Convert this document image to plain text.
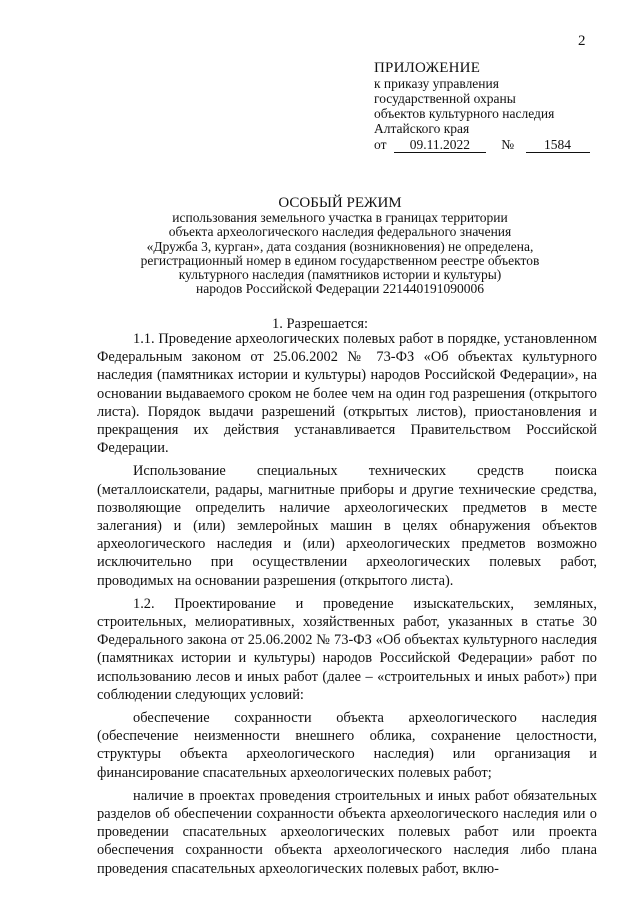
2
ПРИЛОЖЕНИЕ
к приказу управления
государственной охраны
объектов культурного наследия
Алтайского края
от 09.11.2022 № 1584
ОСОБЫЙ РЕЖИМ
использования земельного участка в границах территории
объекта археологического наследия федерального значения
«Дружба 3, курган», дата создания (возникновения) не определена,
регистрационный номер в едином государственном реестре объектов
культурного наследия (памятников истории и культуры)
народов Российской Федерации 221440191090006
1. Разрешается:

1.1. Проведение археологических полевых работ в порядке, установленном Федеральным законом от 25.06.2002 № 73-ФЗ «Об объектах культурного наследия (памятниках истории и культуры) народов Российской Федерации», на основании выдаваемого сроком не более чем на один год разрешения (открытого листа). Порядок выдачи разрешений (открытых листов), приостановления и прекращения их действия устанавливается Правительством Российской Федерации.

Использование специальных технических средств поиска (металлоискатели, радары, магнитные приборы и другие технические средства, позволяющие определить наличие археологических предметов в месте залегания) и (или) землеройных машин в целях обнаружения объектов археологического наследия и (или) археологических предметов возможно исключительно при осуществлении археологических полевых работ, проводимых на основании разрешения (открытого листа).

1.2. Проектирование и проведение изыскательских, земляных, строительных, мелиоративных, хозяйственных работ, указанных в статье 30 Федерального закона от 25.06.2002 № 73-ФЗ «Об объектах культурного наследия (памятниках истории и культуры) народов Российской Федерации» работ по использованию лесов и иных работ (далее – «строительных и иных работ») при соблюдении следующих условий:

обеспечение сохранности объекта археологического наследия (обеспечение неизменности внешнего облика, сохранение целостности, структуры объекта археологического наследия) или организация и финансирование спасательных археологических полевых работ;

наличие в проектах проведения строительных и иных работ обязательных разделов об обеспечении сохранности объекта археологического наследия или о проведении спасательных археологических полевых работ или проекта обеспечения сохранности объекта археологического наследия либо плана проведения спасательных археологических полевых работ, вклю-
